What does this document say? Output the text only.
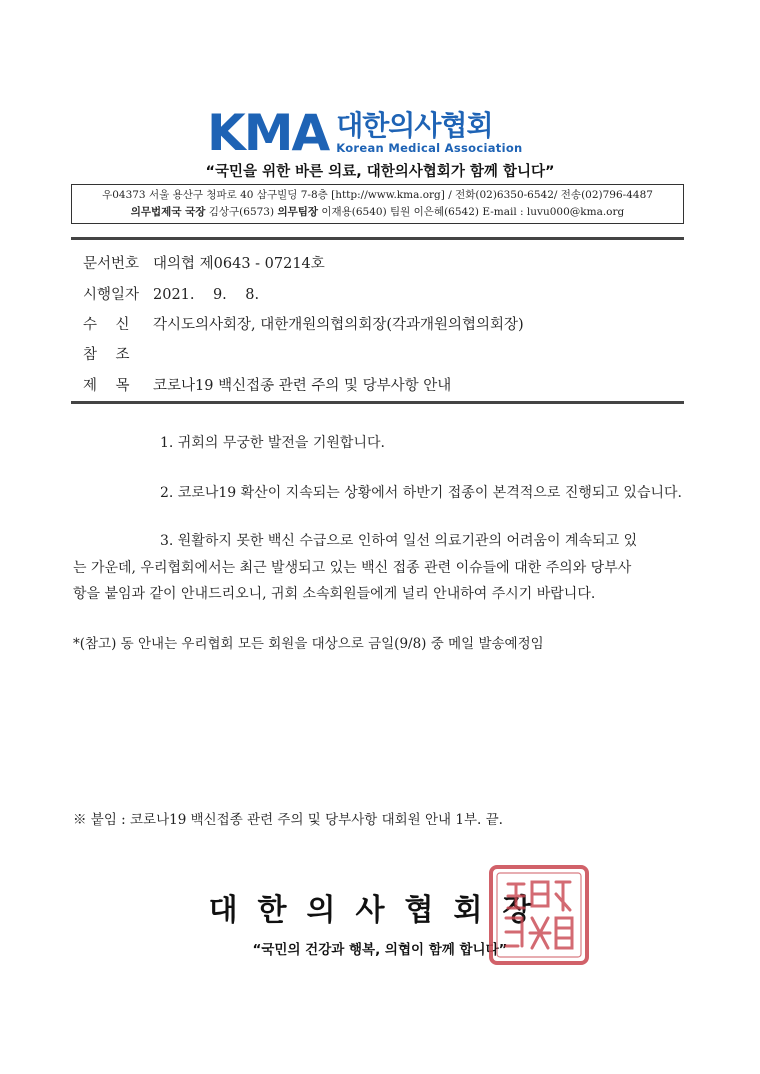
KMA 대한의사협회
Korean Medical Association
“국민을 위한 바른 의료, 대한의사협회가 함께 합니다”
우04373 서울 용산구 청파로 40 삼구빌딩 7-8층 [http://www.kma.org] / 전화(02)6350-6542/ 전송(02)796-4487
의무법제국 국장 김상구(6573) 의무팀장 이재용(6540) 팀원 이은혜(6542) E-mail : luvu000@kma.org
문서번호 대의협 제0643 - 07214호
시행일자 2021.    9.    8.
수    신 각시도의사회장, 대한개원의협의회장(각과개원의협의회장)
참    조
제    목 코로나19 백신접종 관련 주의 및 당부사항 안내
1. 귀회의 무궁한 발전을 기원합니다.
2. 코로나19 확산이 지속되는 상황에서 하반기 접종이 본격적으로 진행되고 있습니다.
3. 원활하지 못한 백신 수급으로 인하여 일선 의료기관의 어려움이 계속되고 있
는 가운데, 우리협회에서는 최근 발생되고 있는 백신 접종 관련 이슈들에 대한 주의와 당부사
항을 붙임과 같이 안내드리오니, 귀회 소속회원들에게 널리 안내하여 주시기 바랍니다.
*(참고) 동 안내는 우리협회 모든 회원을 대상으로 금일(9/8) 중 메일 발송예정임
※ 붙임 : 코로나19 백신접종 관련 주의 및 당부사항 대회원 안내 1부. 끝.
대한의사협회장
“국민의 건강과 행복, 의협이 함께 합니다”
